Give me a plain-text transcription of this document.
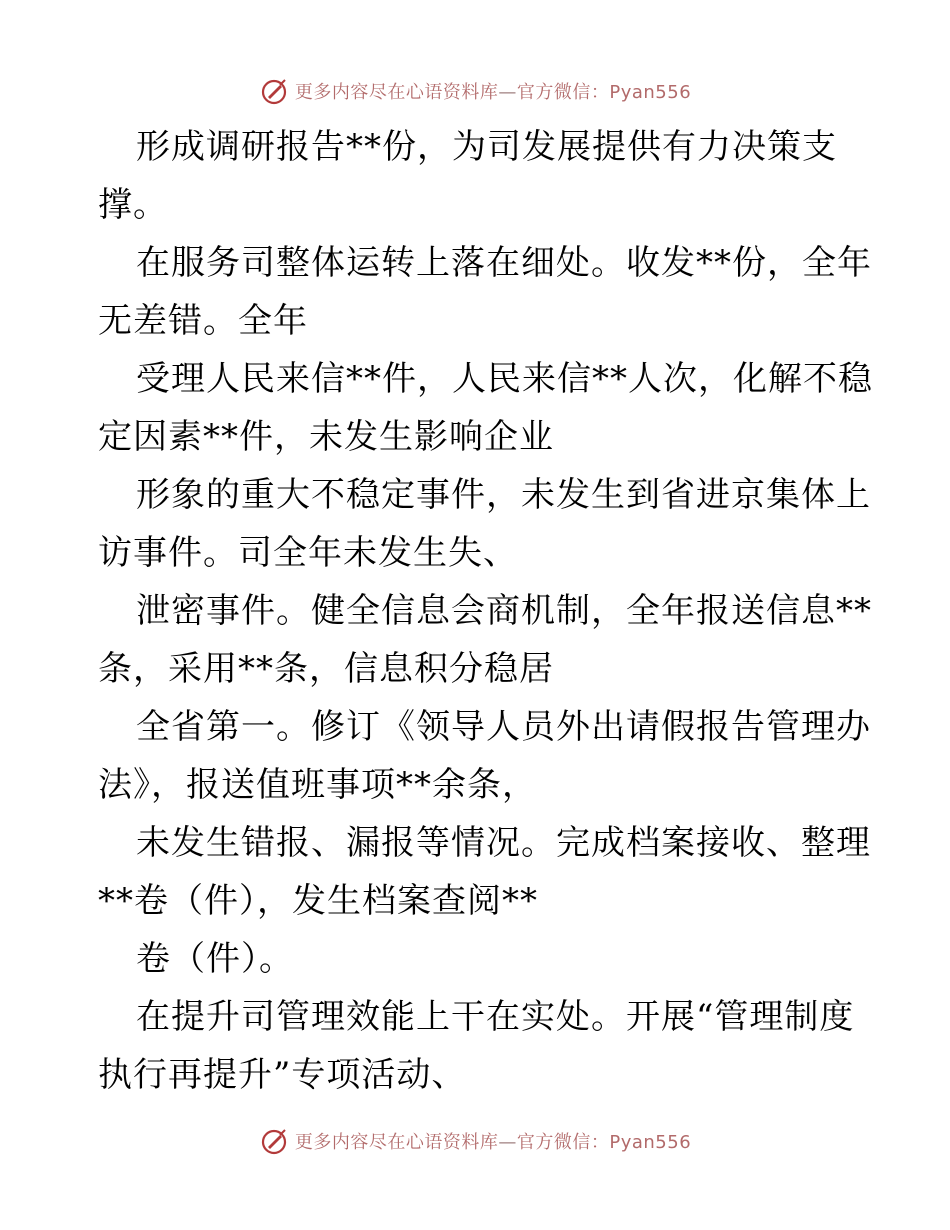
更多内容尽在心语资料库—官方微信：Pyan556
形成调研报告**份，为司发展提供有力决策支
撑。
在服务司整体运转上落在细处。收发**份，全年
无差错。全年
受理人民来信**件，人民来信**人次，化解不稳
定因素**件，未发生影响企业
形象的重大不稳定事件，未发生到省进京集体上
访事件。司全年未发生失、
泄密事件。健全信息会商机制，全年报送信息**
条，采用**条，信息积分稳居
全省第一。修订《领导人员外出请假报告管理办
法》，报送值班事项**余条，
未发生错报、漏报等情况。完成档案接收、整理
**卷（件），发生档案查阅**
卷（件）。
在提升司管理效能上干在实处。开展“管理制度
执行再提升”专项活动、
更多内容尽在心语资料库—官方微信：Pyan556
